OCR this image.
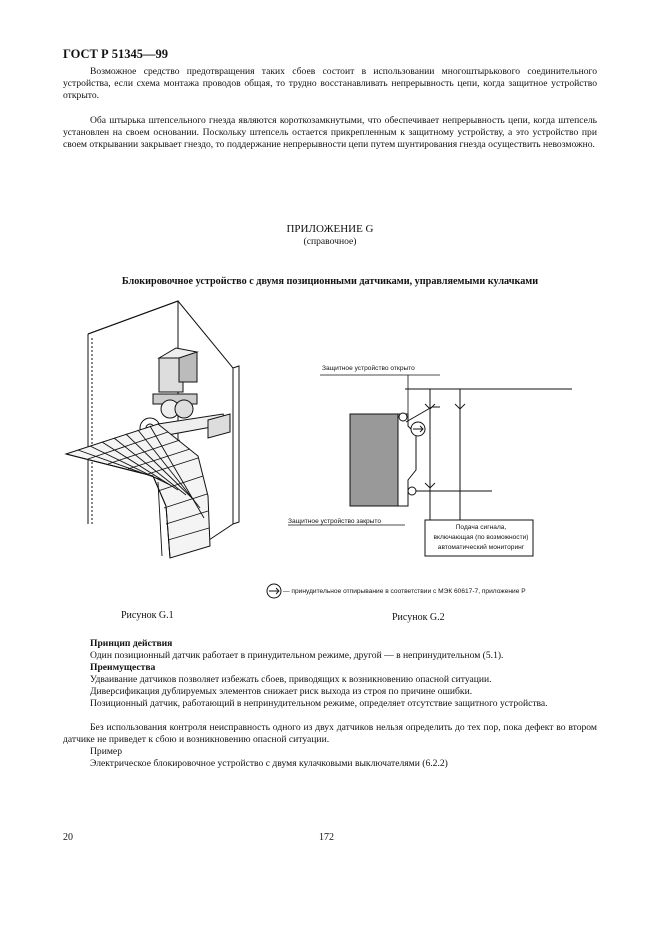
ГОСТ Р 51345—99

Возможное средство предотвращения таких сбоев состоит в использовании многоштырькового соединительного устройства, если схема монтажа проводов общая, то трудно восстанавливать непрерывность цепи, когда защитное устройство открыто.

Оба штырька штепсельного гнезда являются короткозамкнутыми, что обеспечивает непрерывность цепи, когда штепсель установлен на своем основании. Поскольку штепсель остается прикрепленным к защитному устройству, а это устройство при своем открывании закрывает гнездо, то поддержание непрерывности цепи путем шунтирования гнезда осуществить невозможно.

ПРИЛОЖЕНИЕ G
(справочное)
Блокировочное устройство с двумя позиционными датчиками, управляемыми кулачками
Защитное устройство открыто
Защитное устройство закрыто
Подача сигнала,
включающая (по возможности)
автоматический мониторинг
— принудительное отпирывание в соответствии с МЭК 60617-7, приложение P
Рисунок G.1	Рисунок G.2
Принцип действия
Один позиционный датчик работает в принудительном режиме, другой — в непринудительном (5.1).
Преимущества
Удваивание датчиков позволяет избежать сбоев, приводящих к возникновению опасной ситуации.
Диверсификация дублируемых элементов снижает риск выхода из строя по причине ошибки.
Позиционный датчик, работающий в непринудительном режиме, определяет отсутствие защитного устройства.
Без использования контроля неисправность одного из двух датчиков нельзя определить до тех пор, пока дефект во втором датчике не приведет к сбою и возникновению опасной ситуации.
Пример
Электрическое блокировочное устройство с двумя кулачковыми выключателями (6.2.2)
20	172
